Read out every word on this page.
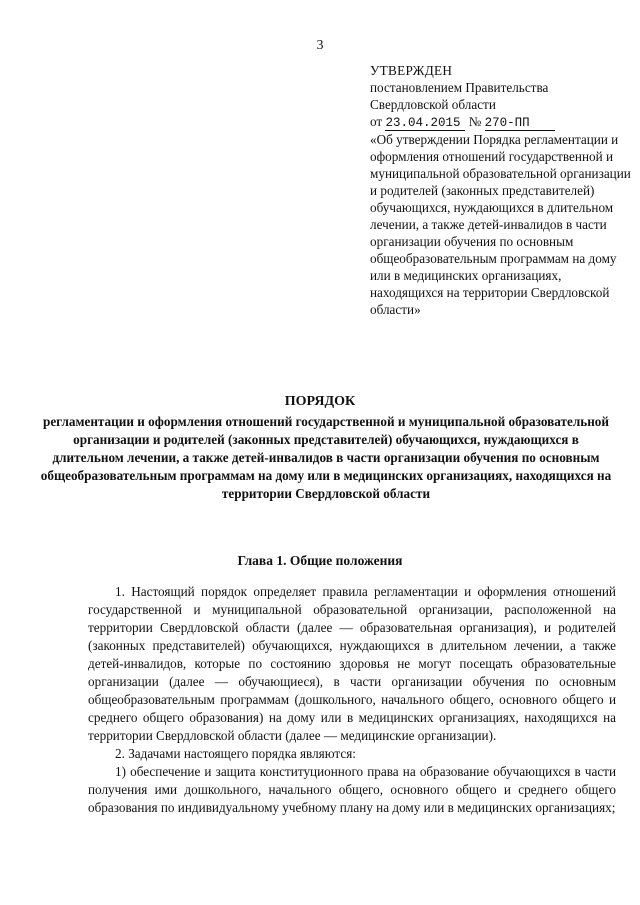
3
УТВЕРЖДЕН
постановлением Правительства
Свердловской области
от 23.04.2015 № 270-ПП
«Об утверждении Порядка регламентации и оформления отношений государственной и муниципальной образовательной организации и родителей (законных представителей) обучающихся, нуждающихся в длительном лечении, а также детей-инвалидов в части организации обучения по основным общеобразовательным программам на дому или в медицинских организациях, находящихся на территории Свердловской области»
ПОРЯДОК
регламентации и оформления отношений государственной и муниципальной образовательной организации и родителей (законных представителей) обучающихся, нуждающихся в длительном лечении, а также детей-инвалидов в части организации обучения по основным общеобразовательным программам на дому или в медицинских организациях, находящихся на территории Свердловской области
Глава 1. Общие положения

1. Настоящий порядок определяет правила регламентации и оформления отношений государственной и муниципальной образовательной организации, расположенной на территории Свердловской области (далее — образовательная организация), и родителей (законных представителей) обучающихся, нуждающихся в длительном лечении, а также детей-инвалидов, которые по состоянию здоровья не могут посещать образовательные организации (далее — обучающиеся), в части организации обучения по основным общеобразовательным программам (дошкольного, начального общего, основного общего и среднего общего образования) на дому или в медицинских организациях, находящихся на территории Свердловской области (далее — медицинские организации).

2. Задачами настоящего порядка являются:

1) обеспечение и защита конституционного права на образование обучающихся в части получения ими дошкольного, начального общего, основного общего и среднего общего образования по индивидуальному учебному плану на дому или в медицинских организациях;
